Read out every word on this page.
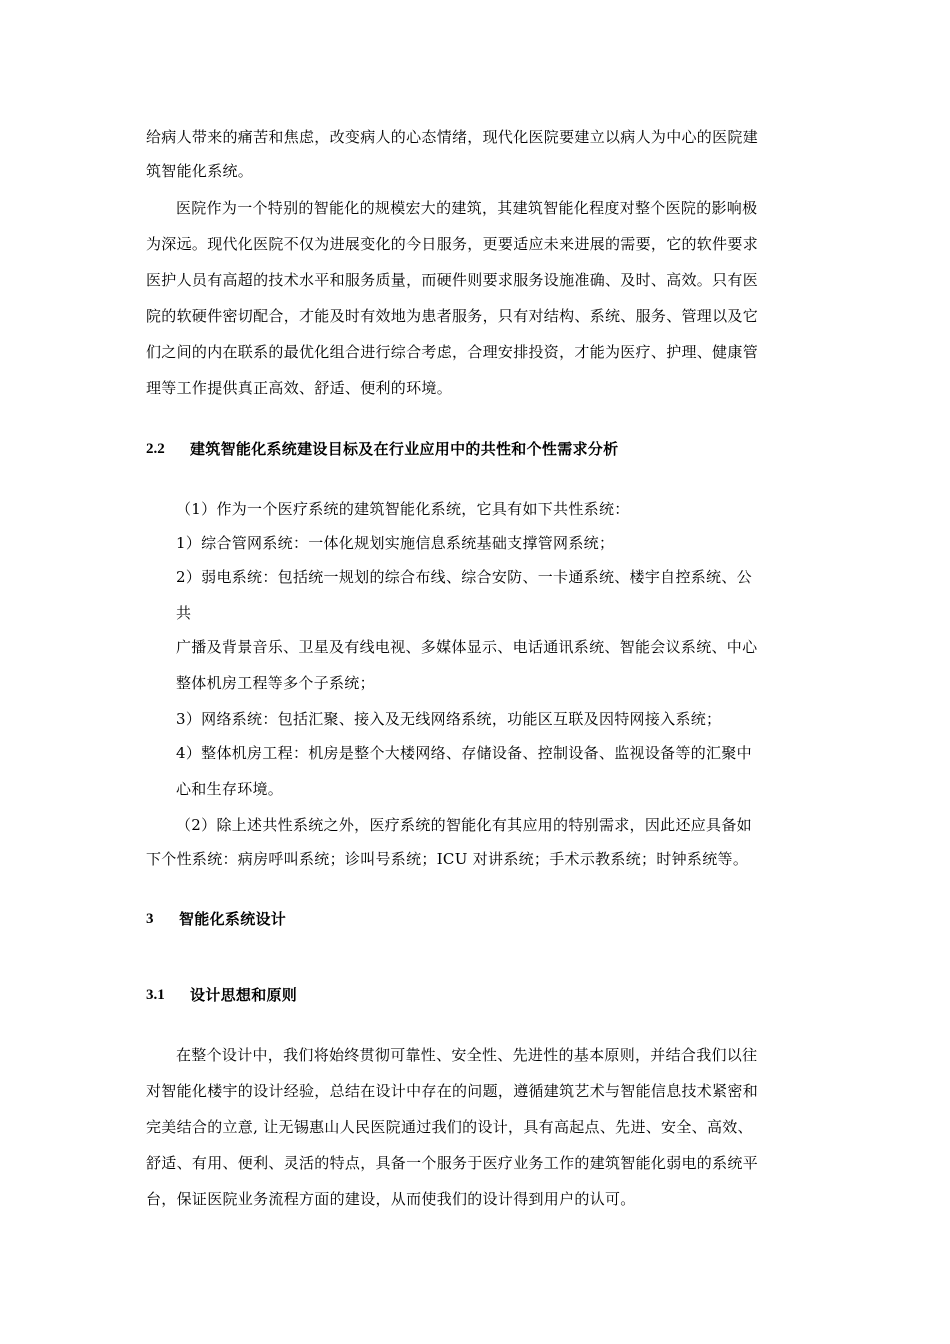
给病人带来的痛苦和焦虑，改变病人的心态情绪，现代化医院要建立以病人为中心的医院建
筑智能化系统。
医院作为一个特别的智能化的规模宏大的建筑，其建筑智能化程度对整个医院的影响极
为深远。现代化医院不仅为进展变化的今日服务，更要适应未来进展的需要，它的软件要求
医护人员有高超的技术水平和服务质量，而硬件则要求服务设施准确、及时、高效。只有医
院的软硬件密切配合，才能及时有效地为患者服务，只有对结构、系统、服务、管理以及它
们之间的内在联系的最优化组合进行综合考虑，合理安排投资，才能为医疗、护理、健康管
理等工作提供真正高效、舒适、便利的环境。
2.2 建筑智能化系统建设目标及在行业应用中的共性和个性需求分析
（1）作为一个医疗系统的建筑智能化系统，它具有如下共性系统：
1）综合管网系统：一体化规划实施信息系统基础支撑管网系统；
2）弱电系统：包括统一规划的综合布线、综合安防、一卡通系统、楼宇自控系统、公
共
广播及背景音乐、卫星及有线电视、多媒体显示、电话通讯系统、智能会议系统、中心
整体机房工程等多个子系统；
3）网络系统：包括汇聚、接入及无线网络系统，功能区互联及因特网接入系统；
4）整体机房工程：机房是整个大楼网络、存储设备、控制设备、监视设备等的汇聚中
心和生存环境。
（2）除上述共性系统之外，医疗系统的智能化有其应用的特别需求，因此还应具备如
下个性系统：病房呼叫系统；诊叫号系统；ICU 对讲系统；手术示教系统；时钟系统等。
3 智能化系统设计
3.1 设计思想和原则
在整个设计中，我们将始终贯彻可靠性、安全性、先进性的基本原则，并结合我们以往
对智能化楼宇的设计经验，总结在设计中存在的问题，遵循建筑艺术与智能信息技术紧密和
完美结合的立意, 让无锡惠山人民医院通过我们的设计，具有高起点、先进、安全、高效、
舒适、有用、便利、灵活的特点，具备一个服务于医疗业务工作的建筑智能化弱电的系统平
台，保证医院业务流程方面的建设，从而使我们的设计得到用户的认可。
